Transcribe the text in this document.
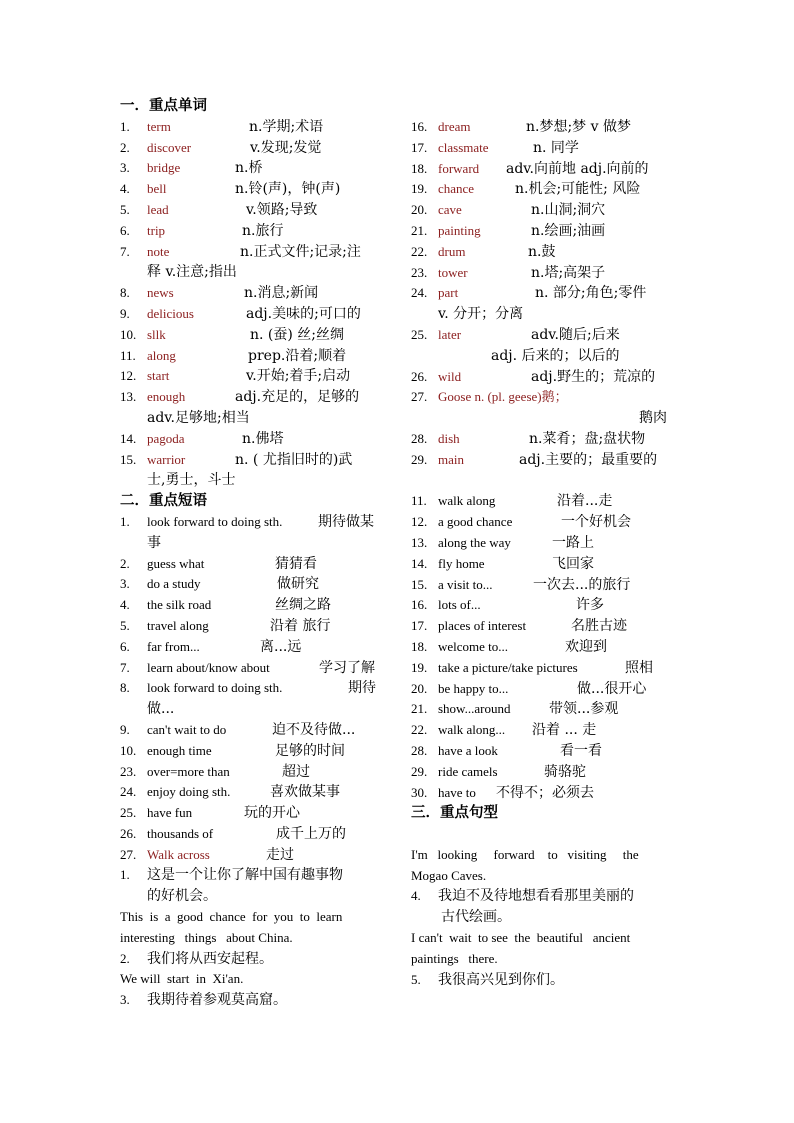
一．重点单词
1. term	n.学期;术语
2. discover	v.发现;发觉
3. bridge	n.桥
4. bell	n.铃(声)，钟(声)
5. lead	v.领路;导致
6. trip	n.旅行
7. note	n.正式文件;记录;注
释 v.注意;指出
8. news	n.消息;新闻
9. delicious	adj.美味的;可口的
10. sllk	n. (蚕) 丝;丝绸
11. along	prep.沿着;顺着
12. start	v.开始;着手;启动
13. enough	adj.充足的，足够的
adv.足够地;相当
14. pagoda	n.佛塔
15. warrior	n. ( 尤指旧时的)武
士,勇士，斗士
二．重点短语
1. look forward to doing sth.	期待做某
事
2. guess what	猜猜看
3. do a study	做研究
4. the silk road	丝绸之路
5. travel along	沿着 旅行
6. far from...	离...远
7. learn about/know about	学习了解
8. look forward to doing sth.	期待
做...
9. can't wait to do	迫不及待做...
10. enough time	足够的时间
23. over=more than	超过
24. enjoy doing sth.	喜欢做某事
25. have fun	玩的开心
26. thousands of	成千上万的
27. Walk across	走过
1. 这是一个让你了解中国有趣事物
的好机会。
This  is  a  good  chance  for  you  to  learn
interesting   things   about China.
2. 我们将从西安起程。
We will  start  in  Xi'an.
3. 我期待着参观莫高窟。
16. dream	n.梦想;梦 v 做梦
17. classmate	n. 同学
18. forward adv.向前地 adj.向前的
19. chance	n.机会;可能性; 风险
20. cave	n.山洞;洞穴
21. painting	n.绘画;油画
22. drum	n.鼓
23. tower	n.塔;高架子
24. part	n. 部分;角色;零件
v. 分开；分离
25. later	adv.随后;后来
adj. 后来的；以后的
26. wild	adj.野生的；荒凉的
27. Goose n. (pl. geese)鹅；
鹅肉
28. dish	n.菜肴；盘;盘状物
29. main	adj.主要的；最重要的
11. walk along	沿着...走
12. a good chance	一个好机会
13. along the way	一路上
14. fly home	飞回家
15. a visit to...	一次去...的旅行
16. lots of...	许多
17. places of interest	名胜古迹
18. welcome to...	欢迎到
19. take a picture/take pictures	照相
20. be happy to...	做...很开心
21. show...around	带领...参观
22. walk along... 沿着 ... 走
28. have a look	看一看
29. ride camels	骑骆驼
30. have to 不得不；必须去
三．重点句型
I'm   looking     forward    to   visiting     the
Mogao Caves.
4. 我迫不及待地想看看那里美丽的
古代绘画。
I can't  wait  to see  the  beautiful   ancient
paintings   there.
5. 我很高兴见到你们。
